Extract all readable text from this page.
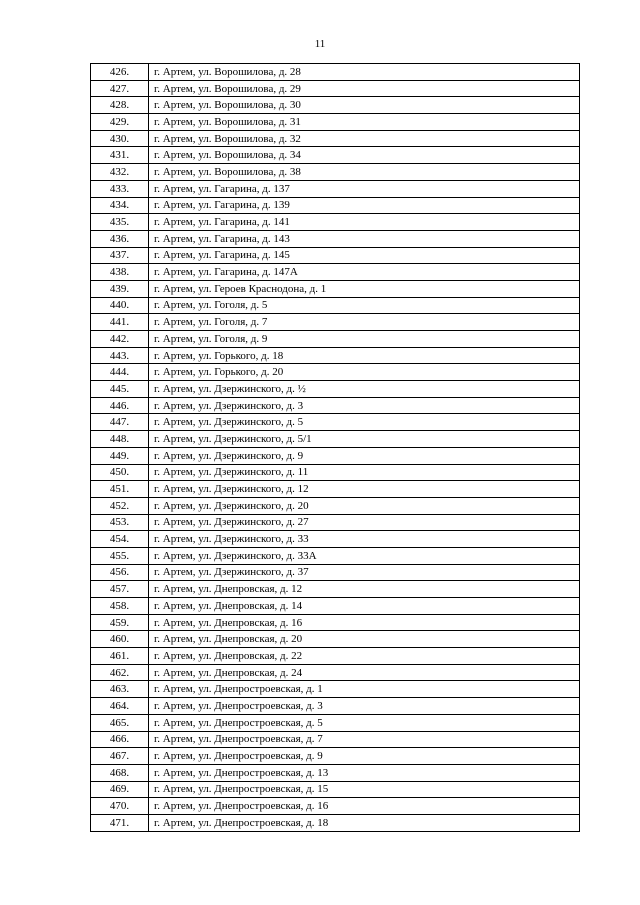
11
426.	г. Артем, ул. Ворошилова, д. 28
427.	г. Артем, ул. Ворошилова, д. 29
428.	г. Артем, ул. Ворошилова, д. 30
429.	г. Артем, ул. Ворошилова, д. 31
430.	г. Артем, ул. Ворошилова, д. 32
431.	г. Артем, ул. Ворошилова, д. 34
432.	г. Артем, ул. Ворошилова, д. 38
433.	г. Артем, ул. Гагарина, д. 137
434.	г. Артем, ул. Гагарина, д. 139
435.	г. Артем, ул. Гагарина, д. 141
436.	г. Артем, ул. Гагарина, д. 143
437.	г. Артем, ул. Гагарина, д. 145
438.	г. Артем, ул. Гагарина, д. 147А
439.	г. Артем, ул. Героев Краснодона, д. 1
440.	г. Артем, ул. Гоголя, д. 5
441.	г. Артем, ул. Гоголя, д. 7
442.	г. Артем, ул. Гоголя, д. 9
443.	г. Артем, ул. Горького, д. 18
444.	г. Артем, ул. Горького, д. 20
445.	г. Артем, ул. Дзержинского, д. ½
446.	г. Артем, ул. Дзержинского, д. 3
447.	г. Артем, ул. Дзержинского, д. 5
448.	г. Артем, ул. Дзержинского, д. 5/1
449.	г. Артем, ул. Дзержинского, д. 9
450.	г. Артем, ул. Дзержинского, д. 11
451.	г. Артем, ул. Дзержинского, д. 12
452.	г. Артем, ул. Дзержинского, д. 20
453.	г. Артем, ул. Дзержинского, д. 27
454.	г. Артем, ул. Дзержинского, д. 33
455.	г. Артем, ул. Дзержинского, д. 33А
456.	г. Артем, ул. Дзержинского, д. 37
457.	г. Артем, ул. Днепровская, д. 12
458.	г. Артем, ул. Днепровская, д. 14
459.	г. Артем, ул. Днепровская, д. 16
460.	г. Артем, ул. Днепровская, д. 20
461.	г. Артем, ул. Днепровская, д. 22
462.	г. Артем, ул. Днепровская, д. 24
463.	г. Артем, ул. Днепростроевская, д. 1
464.	г. Артем, ул. Днепростроевская, д. 3
465.	г. Артем, ул. Днепростроевская, д. 5
466.	г. Артем, ул. Днепростроевская, д. 7
467.	г. Артем, ул. Днепростроевская, д. 9
468.	г. Артем, ул. Днепростроевская, д. 13
469.	г. Артем, ул. Днепростроевская, д. 15
470.	г. Артем, ул. Днепростроевская, д. 16
471.	г. Артем, ул. Днепростроевская, д. 18
